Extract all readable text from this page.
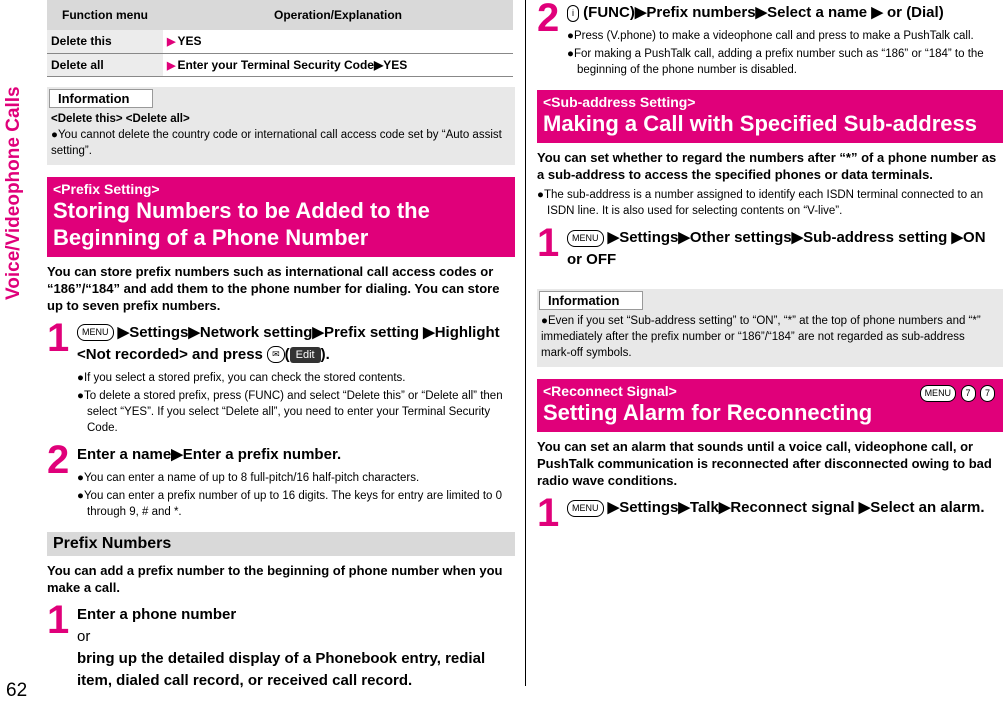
Voice/Videophone Calls
62
Function menu	Operation/Explanation
Delete this	▶ YES
Delete all	▶ Enter your Terminal Security Code▶YES
Information
<Delete this> <Delete all>
●You cannot delete the country code or international call access code set by “Auto assist setting”.
<Prefix Setting>
Storing Numbers to be Added to the Beginning of a Phone Number
You can store prefix numbers such as international call access codes or “186”/“184” and add them to the phone number for dialing. You can store up to seven prefix numbers.
1	MENU ▶Settings▶Network setting▶Prefix setting ▶Highlight <Not recorded> and press ✉ ( Edit ).
●If you select a stored prefix, you can check the stored contents.
●To delete a stored prefix, press (FUNC) and select “Delete this” or “Delete all” then select “YES”. If you select “Delete all”, you need to enter your Terminal Security Code.
2 Enter a name▶Enter a prefix number.
●You can enter a name of up to 8 full-pitch/16 half-pitch characters.
●You can enter a prefix number of up to 16 digits. The keys for entry are limited to 0 through 9, # and *.
Prefix Numbers
You can add a prefix number to the beginning of phone number when you make a call.
1 Enter a phone number
or
bring up the detailed display of a Phonebook entry, redial item, dialed call record, or received call record.
2	i (FUNC)▶Prefix numbers▶Select a name ▶ or (Dial)
●Press (V.phone) to make a videophone call and press to make a PushTalk call.
●For making a PushTalk call, adding a prefix number such as “186” or “184” to the beginning of the phone number is disabled.
<Sub-address Setting>
Making a Call with Specified Sub-address
You can set whether to regard the numbers after “*” of a phone number as a sub-address to access the specified phones or data terminals.
●The sub-address is a number assigned to identify each ISDN terminal connected to an ISDN line. It is also used for selecting contents on “V-live”.
1	MENU ▶Settings▶Other settings▶Sub-address setting ▶ON or OFF
Information
●Even if you set “Sub-address setting” to “ON”, “*” at the top of phone numbers and “*” immediately after the prefix number or “186”/“184” are not regarded as sub-address mark-off symbols.
<Reconnect Signal>	MENU 7 7
Setting Alarm for Reconnecting
You can set an alarm that sounds until a voice call, videophone call, or PushTalk communication is reconnected after disconnected owing to bad radio wave conditions.
1	MENU ▶Settings▶Talk▶Reconnect signal ▶Select an alarm.
